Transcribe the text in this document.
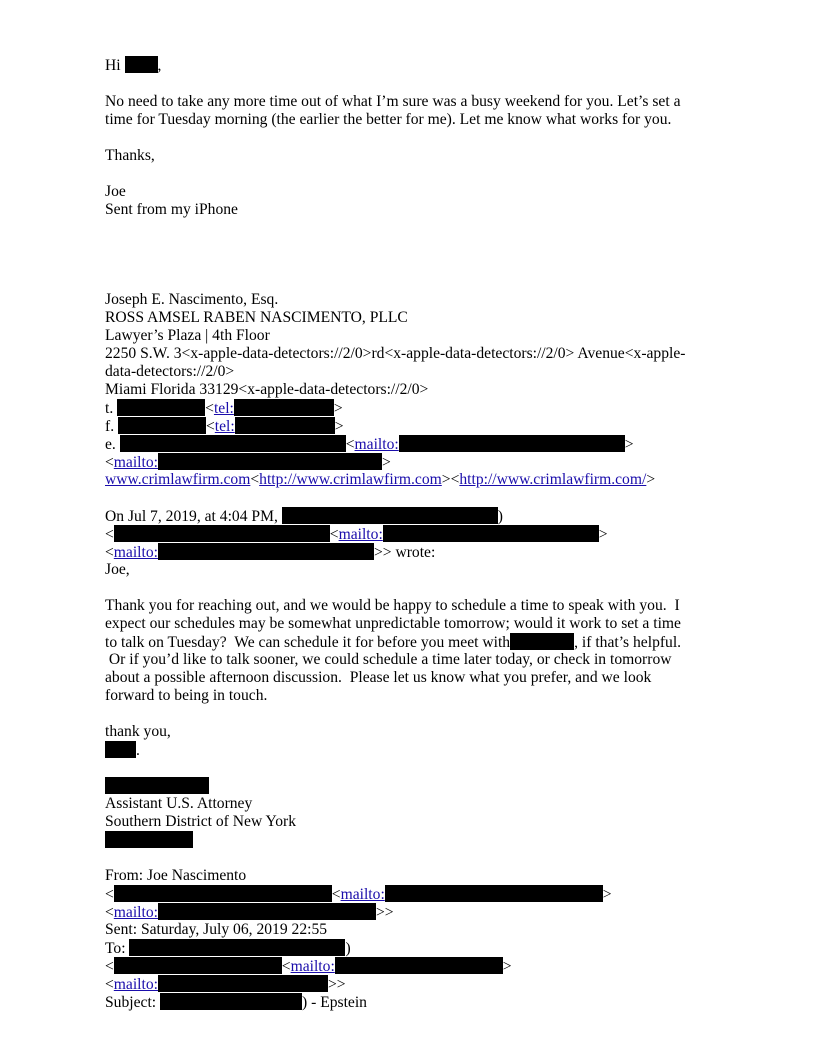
Hi ,
No need to take any more time out of what I’m sure was a busy weekend for you. Let’s set a
time for Tuesday morning (the earlier the better for me). Let me know what works for you.
Thanks,
Joe
Sent from my iPhone
Joseph E. Nascimento, Esq.
ROSS AMSEL RABEN NASCIMENTO, PLLC
Lawyer’s Plaza | 4th Floor
2250 S.W. 3<x-apple-data-detectors://2/0>rd<x-apple-data-detectors://2/0> Avenue<x-apple-
data-detectors://2/0>
Miami Florida 33129<x-apple-data-detectors://2/0>
t.	<tel:	>
f.	<tel:	>
e.	<mailto:	>
<mailto:	>
www.crimlawfirm.com<http://www.crimlawfirm.com><http://www.crimlawfirm.com/>
On Jul 7, 2019, at 4:04 PM,	)
<	<mailto:	>
<mailto:	>> wrote:
Joe,
Thank you for reaching out, and we would be happy to schedule a time to speak with you.  I
expect our schedules may be somewhat unpredictable tomorrow; would it work to set a time
to talk on Tuesday?  We can schedule it for before you meet with	, if that’s helpful.
Or if you’d like to talk sooner, we could schedule a time later today, or check in tomorrow
about a possible afternoon discussion.  Please let us know what you prefer, and we look
forward to being in touch.
thank you,
.
Assistant U.S. Attorney
Southern District of New York
From: Joe Nascimento
<	<mailto:	>
<mailto:	>>
Sent: Saturday, July 06, 2019 22:55
To:	)
<	<mailto:	>
<mailto:	>>
Subject:	) - Epstein
